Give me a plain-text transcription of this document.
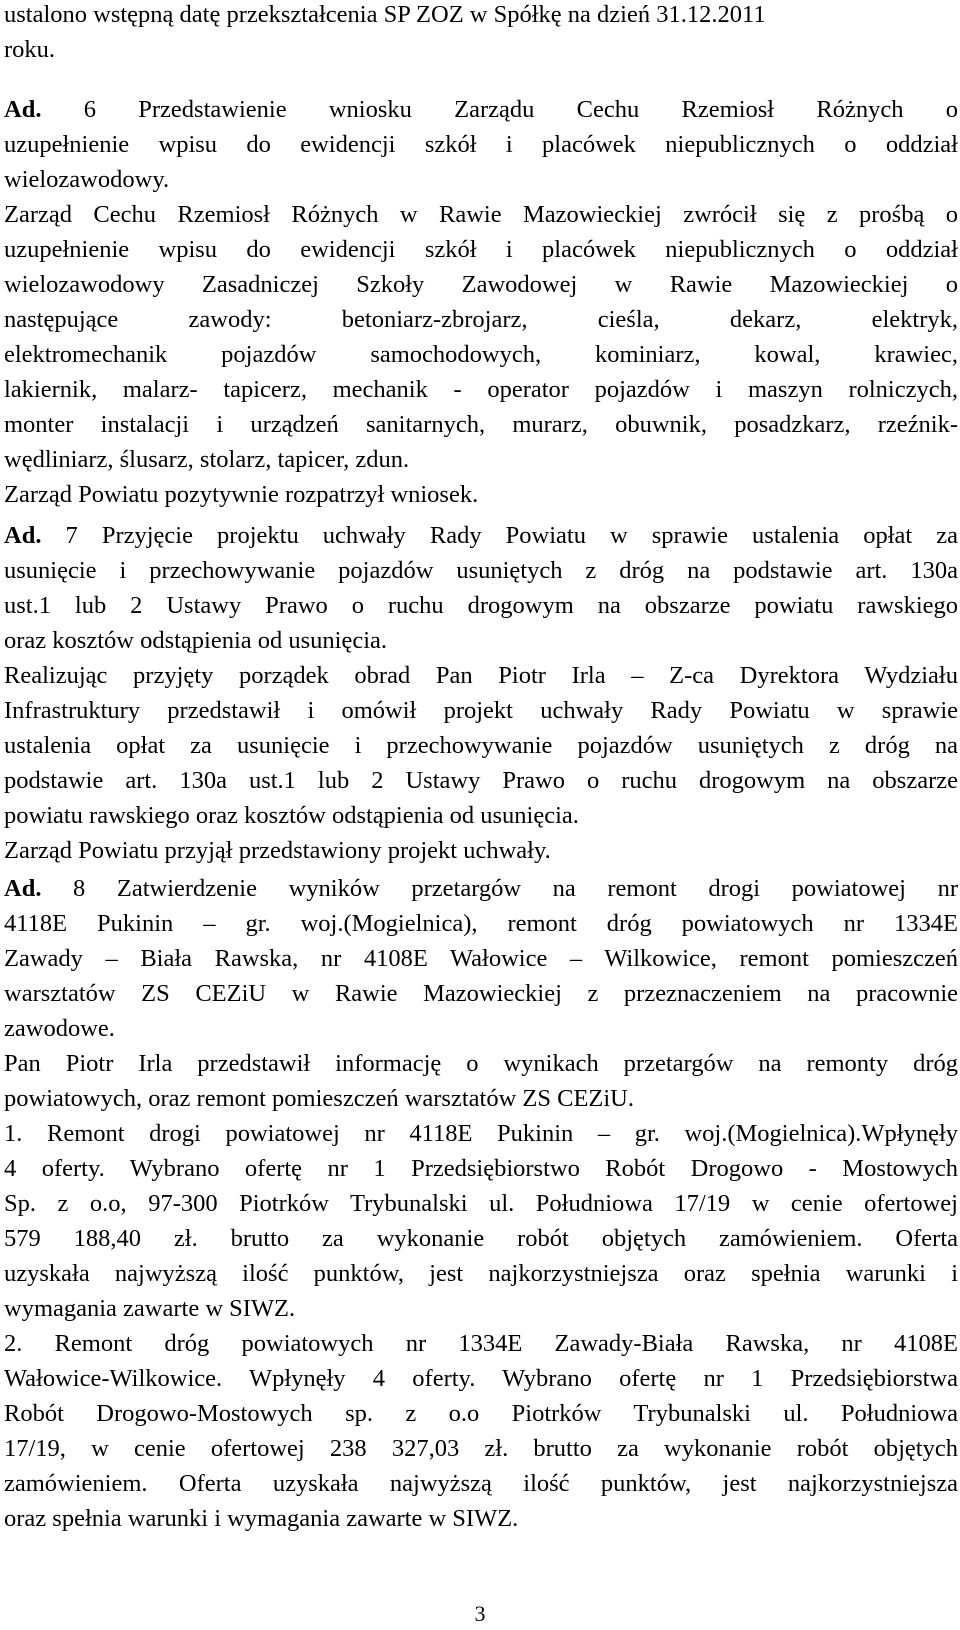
ustalono wstępną datę przekształcenia SP ZOZ w Spółkę na dzień 31.12.2011
roku.
Ad. 6 Przedstawienie wniosku Zarządu Cechu Rzemiosł Różnych o
uzupełnienie wpisu do ewidencji szkół i placówek niepublicznych o oddział
wielozawodowy.
Zarząd Cechu Rzemiosł Różnych w Rawie Mazowieckiej zwrócił się z prośbą o
uzupełnienie wpisu do ewidencji szkół i placówek niepublicznych o oddział
wielozawodowy Zasadniczej Szkoły Zawodowej w Rawie Mazowieckiej o
następujące zawody: betoniarz-zbrojarz, cieśla, dekarz, elektryk,
elektromechanik pojazdów samochodowych, kominiarz, kowal, krawiec,
lakiernik, malarz- tapicerz, mechanik - operator pojazdów i maszyn rolniczych,
monter instalacji i urządzeń sanitarnych, murarz, obuwnik, posadzkarz, rzeźnik-
wędliniarz, ślusarz, stolarz, tapicer, zdun.
Zarząd Powiatu pozytywnie rozpatrzył wniosek.
Ad. 7 Przyjęcie projektu uchwały Rady Powiatu w sprawie ustalenia opłat za
usunięcie i przechowywanie pojazdów usuniętych z dróg na podstawie art. 130a
ust.1 lub 2 Ustawy Prawo o ruchu drogowym na obszarze powiatu rawskiego
oraz kosztów odstąpienia od usunięcia.
Realizując przyjęty porządek obrad Pan Piotr Irla – Z-ca Dyrektora Wydziału
Infrastruktury przedstawił i omówił projekt uchwały Rady Powiatu w sprawie
ustalenia opłat za usunięcie i przechowywanie pojazdów usuniętych z dróg na
podstawie art. 130a ust.1 lub 2 Ustawy Prawo o ruchu drogowym na obszarze
powiatu rawskiego oraz kosztów odstąpienia od usunięcia.
Zarząd Powiatu przyjął przedstawiony projekt uchwały.
Ad. 8 Zatwierdzenie wyników przetargów na remont drogi powiatowej nr
4118E Pukinin – gr. woj.(Mogielnica), remont dróg powiatowych nr 1334E
Zawady – Biała Rawska, nr 4108E Wałowice – Wilkowice, remont pomieszczeń
warsztatów ZS CEZiU w Rawie Mazowieckiej z przeznaczeniem na pracownie
zawodowe.
Pan Piotr Irla przedstawił informację o wynikach przetargów na remonty dróg
powiatowych, oraz remont pomieszczeń warsztatów ZS CEZiU.
1. Remont drogi powiatowej nr 4118E Pukinin – gr. woj.(Mogielnica).Wpłynęły
4 oferty. Wybrano ofertę nr 1 Przedsiębiorstwo Robót Drogowo - Mostowych
Sp. z o.o, 97-300 Piotrków Trybunalski ul. Południowa 17/19 w cenie ofertowej
579 188,40 zł. brutto za wykonanie robót objętych zamówieniem. Oferta
uzyskała najwyższą ilość punktów, jest najkorzystniejsza oraz spełnia warunki i
wymagania zawarte w SIWZ.
2. Remont dróg powiatowych nr 1334E Zawady-Biała Rawska, nr 4108E
Wałowice-Wilkowice. Wpłynęły 4 oferty. Wybrano ofertę nr 1 Przedsiębiorstwa
Robót Drogowo-Mostowych sp. z o.o Piotrków Trybunalski ul. Południowa
17/19, w cenie ofertowej 238 327,03 zł. brutto za wykonanie robót objętych
zamówieniem. Oferta uzyskała najwyższą ilość punktów, jest najkorzystniejsza
oraz spełnia warunki i wymagania zawarte w SIWZ.
3
